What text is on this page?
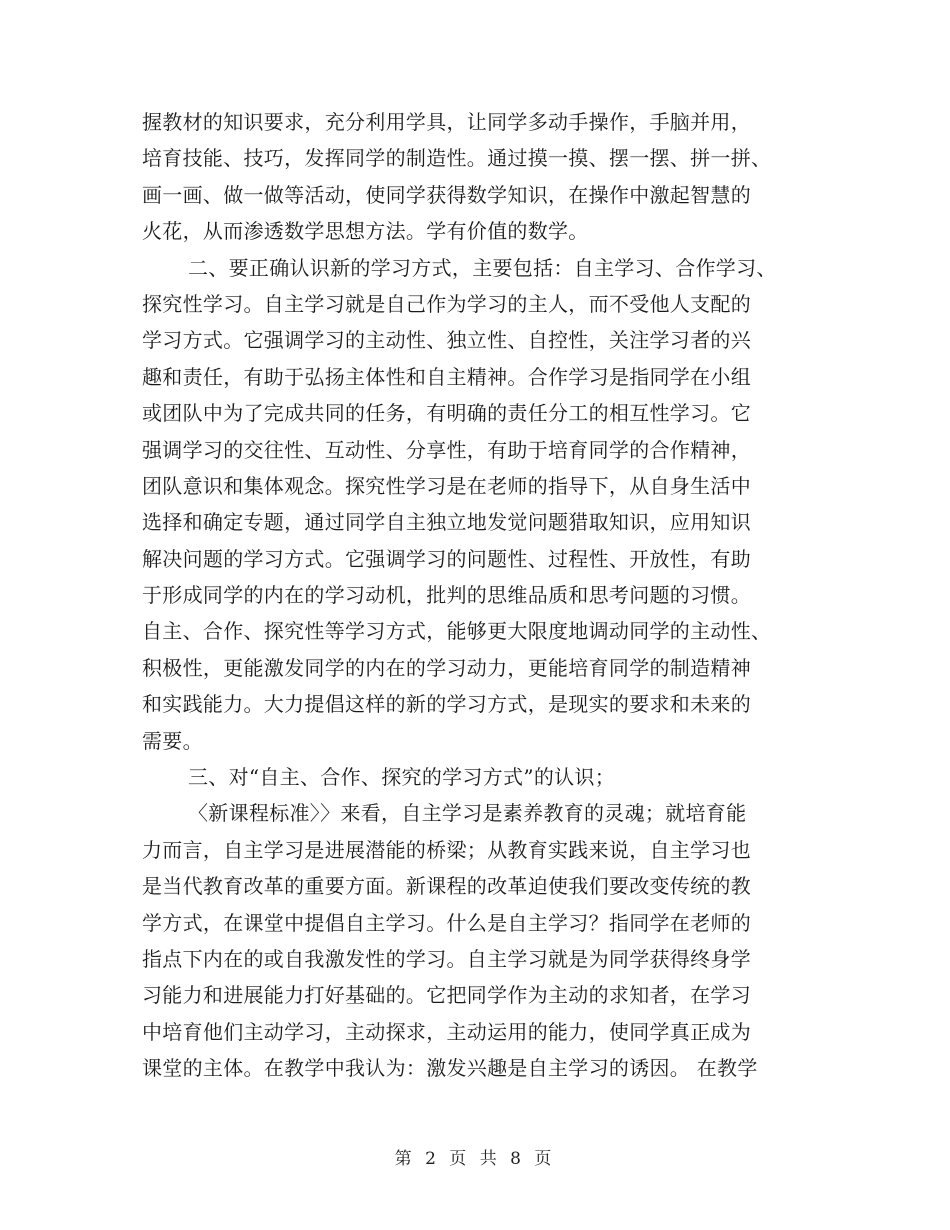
握教材的知识要求，充分利用学具，让同学多动手操作，手脑并用，
培育技能、技巧，发挥同学的制造性。通过摸一摸、摆一摆、拼一拼、
画一画、做一做等活动，使同学获得数学知识，在操作中激起智慧的
火花，从而渗透数学思想方法。学有价值的数学。
二、要正确认识新的学习方式，主要包括：自主学习、合作学习、
探究性学习。自主学习就是自己作为学习的主人，而不受他人支配的
学习方式。它强调学习的主动性、独立性、自控性，关注学习者的兴
趣和责任，有助于弘扬主体性和自主精神。合作学习是指同学在小组
或团队中为了完成共同的任务，有明确的责任分工的相互性学习。它
强调学习的交往性、互动性、分享性，有助于培育同学的合作精神，
团队意识和集体观念。探究性学习是在老师的指导下，从自身生活中
选择和确定专题，通过同学自主独立地发觉问题猎取知识，应用知识
解决问题的学习方式。它强调学习的问题性、过程性、开放性，有助
于形成同学的内在的学习动机，批判的思维品质和思考问题的习惯。
自主、合作、探究性等学习方式，能够更大限度地调动同学的主动性、
积极性，更能激发同学的内在的学习动力，更能培育同学的制造精神
和实践能力。大力提倡这样的新的学习方式，是现实的要求和未来的
需要。
三、对“自主、合作、探究的学习方式”的认识；
〈新课程标准〉〉来看，自主学习是素养教育的灵魂；就培育能
力而言，自主学习是进展潜能的桥梁；从教育实践来说，自主学习也
是当代教育改革的重要方面。新课程的改革迫使我们要改变传统的教
学方式，在课堂中提倡自主学习。什么是自主学习？指同学在老师的
指点下内在的或自我激发性的学习。自主学习就是为同学获得终身学
习能力和进展能力打好基础的。它把同学作为主动的求知者，在学习
中培育他们主动学习，主动探求，主动运用的能力，使同学真正成为
课堂的主体。在教学中我认为：激发兴趣是自主学习的诱因。 在教学
第 2 页 共 8 页
